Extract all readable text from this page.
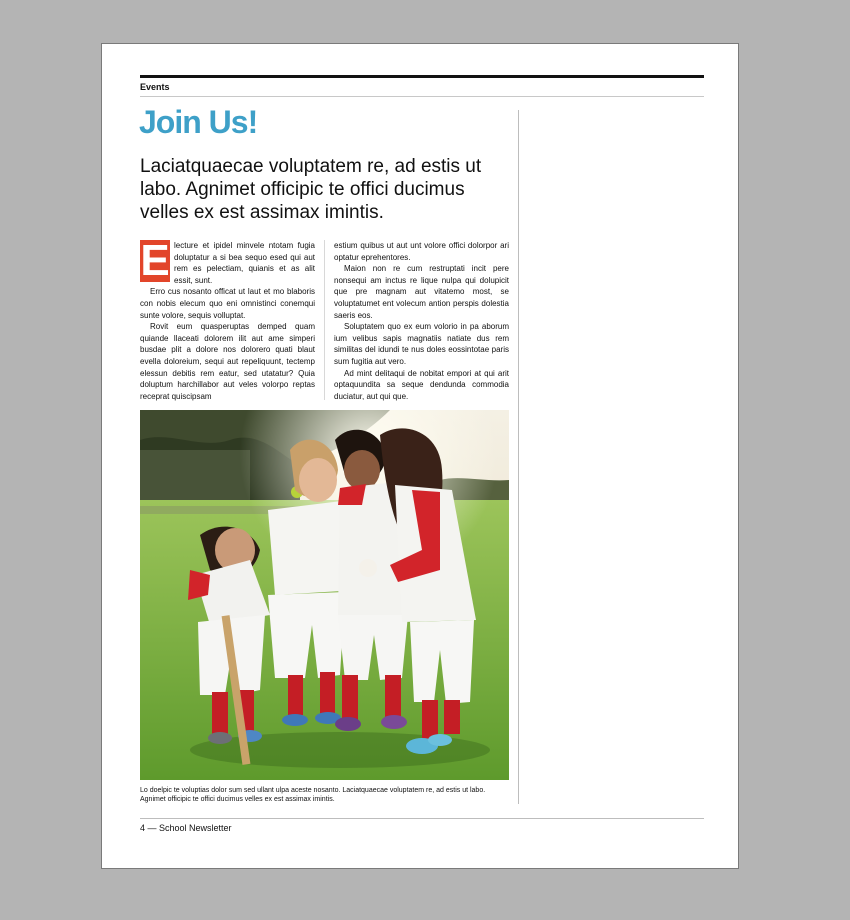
Events
Join Us!
Laciatquaecae voluptatem re, ad estis ut labo. Agnimet officipic te offici ducimus velles ex est assimax imintis.

E lecture et ipidel minvele ntotam fugia doluptatur a si bea sequo esed qui aut rem es pelectiam, quianis et as alit essit, sunt.

Erro cus nosanto officat ut laut et mo blaboris con nobis elecum quo eni omnistinci conemqui sunte volore, sequis volluptat.

Rovit eum quasperuptas demped quam quiande llaceati dolorem ilit aut ame simperi busdae plit a dolore nos dolorero quati blaut evella doloreium, sequi aut repeliquunt, tectemp elessun debitis rem eatur, sed utatatur? Quia doluptum harchillabor aut veles volorpo reptas receprat quiscipsam

estium quibus ut aut unt volore offici dolorpor ari optatur eprehentores.

Maion non re cum restruptati incit pere nonsequi am inctus re lique nulpa qui dolupicit que pre magnam aut vitatemo most, se voluptatumet ent volecum antion perspis dolestia saeris eos.

Soluptatem quo ex eum volorio in pa aborum ium velibus sapis magnatiis natiate dus rem similitas del idundi te nus doles eossintotae paris sum fugitia aut vero.

Ad mint delitaqui de nobitat empori at qui arit optaquundita sa seque dendunda commodia duciatur, aut qui que.

Lo doelpic te voluptias dolor sum sed ullant ulpa aceste nosanto. Laciatquaecae voluptatem re, ad estis ut labo. Agnimet officipic te offici ducimus velles ex est assimax imintis.
4 — School Newsletter
